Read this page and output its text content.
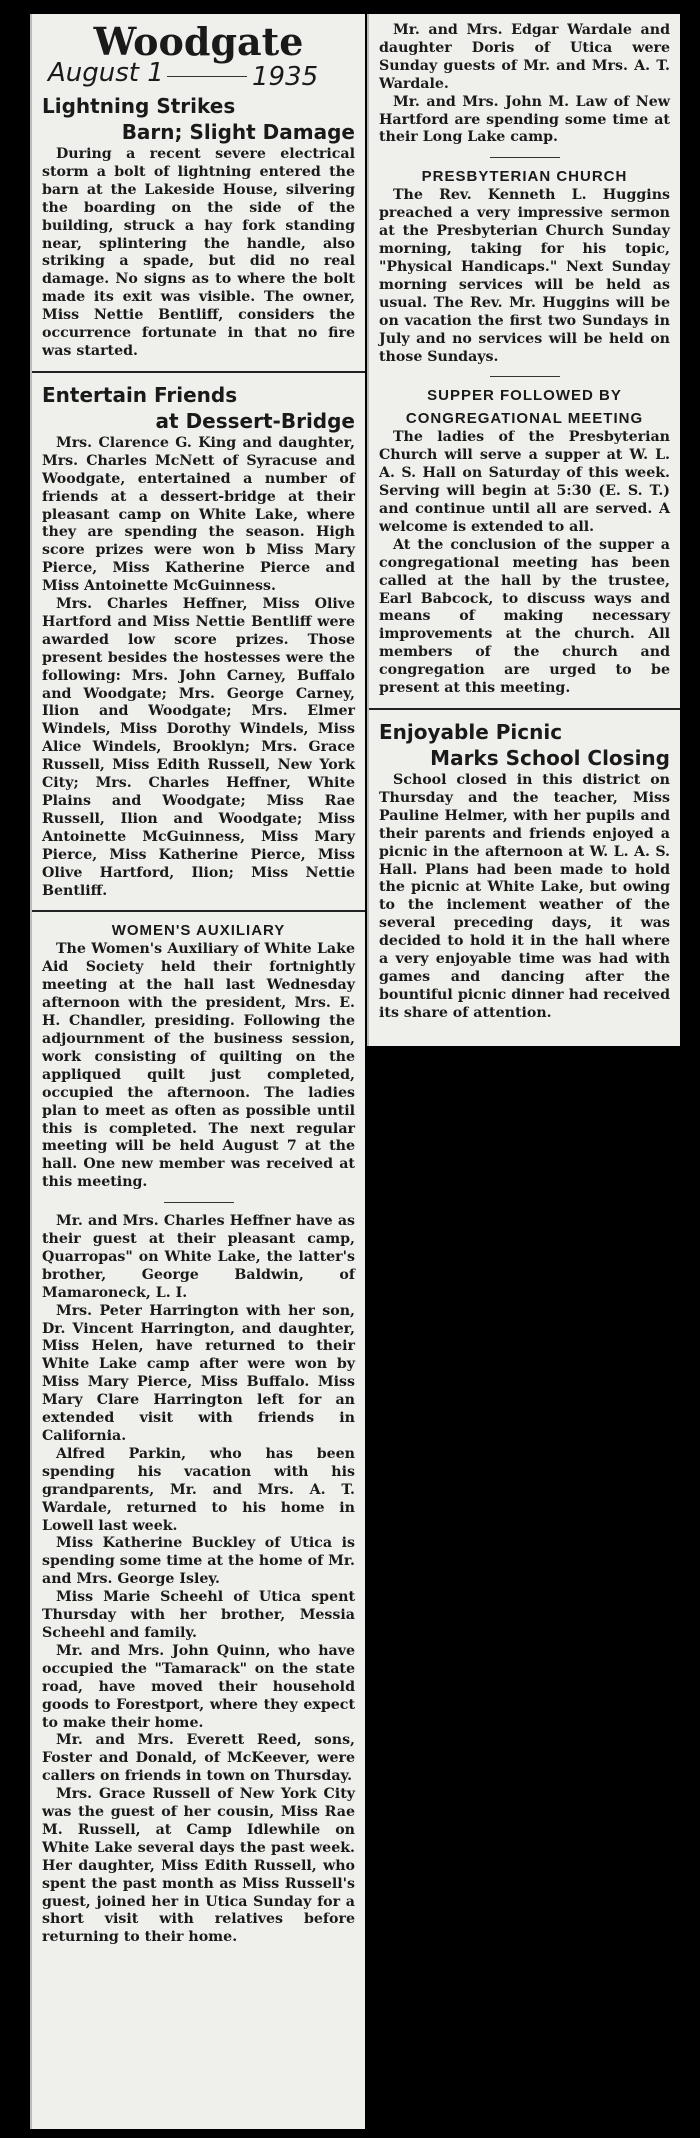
Woodgate
August 1	1935
Lightning Strikes
Barn; Slight Damage

During a recent severe electrical storm a bolt of lightning entered the barn at the Lakeside House, silvering the boarding on the side of the building, struck a hay fork standing near, splintering the handle, also striking a spade, but did no real damage. No signs as to where the bolt made its exit was visible. The owner, Miss Nettie Bentliff, considers the occurrence fortunate in that no fire was started.

Entertain Friends
at Dessert-Bridge

Mrs. Clarence G. King and daughter, Mrs. Charles McNett of Syracuse and Woodgate, entertained a number of friends at a dessert-bridge at their pleasant camp on White Lake, where they are spending the season. High score prizes were won b Miss Mary Pierce, Miss Katherine Pierce and Miss Antoinette McGuinness.

Mrs. Charles Heffner, Miss Olive Hartford and Miss Nettie Bentliff were awarded low score prizes. Those present besides the hostesses were the following: Mrs. John Carney, Buffalo and Woodgate; Mrs. George Carney, Ilion and Woodgate; Mrs. Elmer Windels, Miss Dorothy Windels, Miss Alice Windels, Brooklyn; Mrs. Grace Russell, Miss Edith Russell, New York City; Mrs. Charles Heffner, White Plains and Woodgate; Miss Rae Russell, Ilion and Woodgate; Miss Antoinette McGuinness, Miss Mary Pierce, Miss Katherine Pierce, Miss Olive Hartford, Ilion; Miss Nettie Bentliff.

WOMEN'S AUXILIARY

The Women's Auxiliary of White Lake Aid Society held their fortnightly meeting at the hall last Wednesday afternoon with the president, Mrs. E. H. Chandler, presiding. Following the adjournment of the business session, work consisting of quilting on the appliqued quilt just completed, occupied the afternoon. The ladies plan to meet as often as possible until this is completed. The next regular meeting will be held August 7 at the hall. One new member was received at this meeting.

Mr. and Mrs. Charles Heffner have as their guest at their pleasant camp, Quarropas" on White Lake, the latter's brother, George Baldwin, of Mamaroneck, L. I.

Mrs. Peter Harrington with her son, Dr. Vincent Harrington, and daughter, Miss Helen, have returned to their White Lake camp after were won by Miss Mary Pierce, Miss Buffalo. Miss Mary Clare Harrington left for an extended visit with friends in California.

Alfred Parkin, who has been spending his vacation with his grandparents, Mr. and Mrs. A. T. Wardale, returned to his home in Lowell last week.

Miss Katherine Buckley of Utica is spending some time at the home of Mr. and Mrs. George Isley.

Miss Marie Scheehl of Utica spent Thursday with her brother, Messia Scheehl and family.

Mr. and Mrs. John Quinn, who have occupied the "Tamarack" on the state road, have moved their household goods to Forestport, where they expect to make their home.

Mr. and Mrs. Everett Reed, sons, Foster and Donald, of McKeever, were callers on friends in town on Thursday.

Mrs. Grace Russell of New York City was the guest of her cousin, Miss Rae M. Russell, at Camp Idlewhile on White Lake several days the past week. Her daughter, Miss Edith Russell, who spent the past month as Miss Russell's guest, joined her in Utica Sunday for a short visit with relatives before returning to their home.

Mr. and Mrs. Edgar Wardale and daughter Doris of Utica were Sunday guests of Mr. and Mrs. A. T. Wardale.

Mr. and Mrs. John M. Law of New Hartford are spending some time at their Long Lake camp.

PRESBYTERIAN CHURCH

The Rev. Kenneth L. Huggins preached a very impressive sermon at the Presbyterian Church Sunday morning, taking for his topic, "Physical Handicaps." Next Sunday morning services will be held as usual. The Rev. Mr. Huggins will be on vacation the first two Sundays in July and no services will be held on those Sundays.

SUPPER FOLLOWED BY
CONGREGATIONAL MEETING

The ladies of the Presbyterian Church will serve a supper at W. L. A. S. Hall on Saturday of this week. Serving will begin at 5:30 (E. S. T.) and continue until all are served. A welcome is extended to all.

At the conclusion of the supper a congregational meeting has been called at the hall by the trustee, Earl Babcock, to discuss ways and means of making necessary improvements at the church. All members of the church and congregation are urged to be present at this meeting.

Enjoyable Picnic
Marks School Closing

School closed in this district on Thursday and the teacher, Miss Pauline Helmer, with her pupils and their parents and friends enjoyed a picnic in the afternoon at W. L. A. S. Hall. Plans had been made to hold the picnic at White Lake, but owing to the inclement weather of the several preceding days, it was decided to hold it in the hall where a very enjoyable time was had with games and dancing after the bountiful picnic dinner had received its share of attention.
